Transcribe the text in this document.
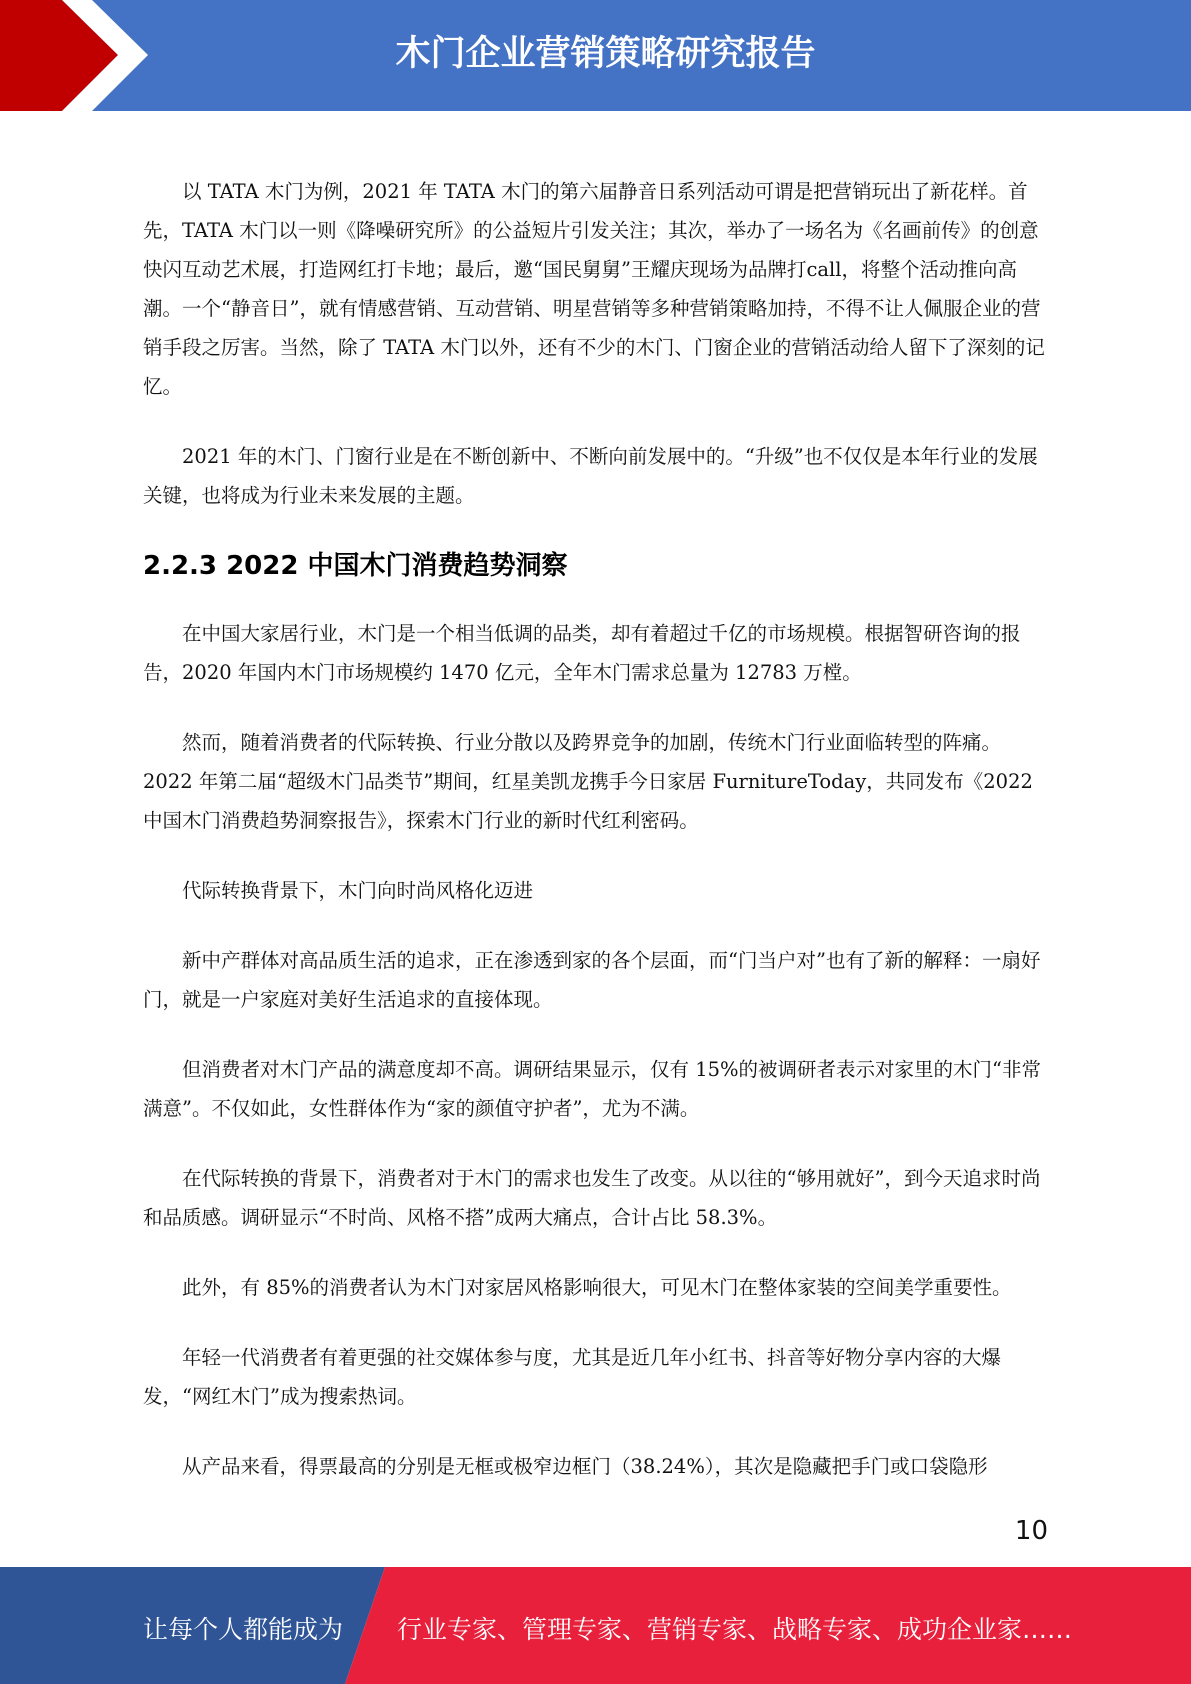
木门企业营销策略研究报告

以 TATA 木门为例，2021 年 TATA 木门的第六届静音日系列活动可谓是把营销玩出了新花样。首先，TATA 木门以一则《降噪研究所》的公益短片引发关注；其次，举办了一场名为《名画前传》的创意快闪互动艺术展，打造网红打卡地；最后，邀“国民舅舅”王耀庆现场为品牌打call，将整个活动推向高潮。一个“静音日”，就有情感营销、互动营销、明星营销等多种营销策略加持，不得不让人佩服企业的营销手段之厉害。当然，除了 TATA 木门以外，还有不少的木门、门窗企业的营销活动给人留下了深刻的记忆。

2021 年的木门、门窗行业是在不断创新中、不断向前发展中的。“升级”也不仅仅是本年行业的发展关键，也将成为行业未来发展的主题。

2.2.3 2022 中国木门消费趋势洞察

在中国大家居行业，木门是一个相当低调的品类，却有着超过千亿的市场规模。根据智研咨询的报告，2020 年国内木门市场规模约 1470 亿元，全年木门需求总量为 12783 万樘。

然而，随着消费者的代际转换、行业分散以及跨界竞争的加剧，传统木门行业面临转型的阵痛。2022 年第二届“超级木门品类节”期间，红星美凯龙携手今日家居 FurnitureToday，共同发布《2022 中国木门消费趋势洞察报告》，探索木门行业的新时代红利密码。

代际转换背景下，木门向时尚风格化迈进

新中产群体对高品质生活的追求，正在渗透到家的各个层面，而“门当户对”也有了新的解释：一扇好门，就是一户家庭对美好生活追求的直接体现。

但消费者对木门产品的满意度却不高。调研结果显示，仅有 15%的被调研者表示对家里的木门“非常满意”。不仅如此，女性群体作为“家的颜值守护者”，尤为不满。

在代际转换的背景下，消费者对于木门的需求也发生了改变。从以往的“够用就好”，到今天追求时尚和品质感。调研显示“不时尚、风格不搭”成两大痛点，合计占比 58.3%。

此外，有 85%的消费者认为木门对家居风格影响很大，可见木门在整体家装的空间美学重要性。

年轻一代消费者有着更强的社交媒体参与度，尤其是近几年小红书、抖音等好物分享内容的大爆发，“网红木门”成为搜索热词。

从产品来看，得票最高的分别是无框或极窄边框门（38.24%），其次是隐藏把手门或口袋隐形

10
让每个人都能成为 行业专家、管理专家、营销专家、战略专家、成功企业家……
